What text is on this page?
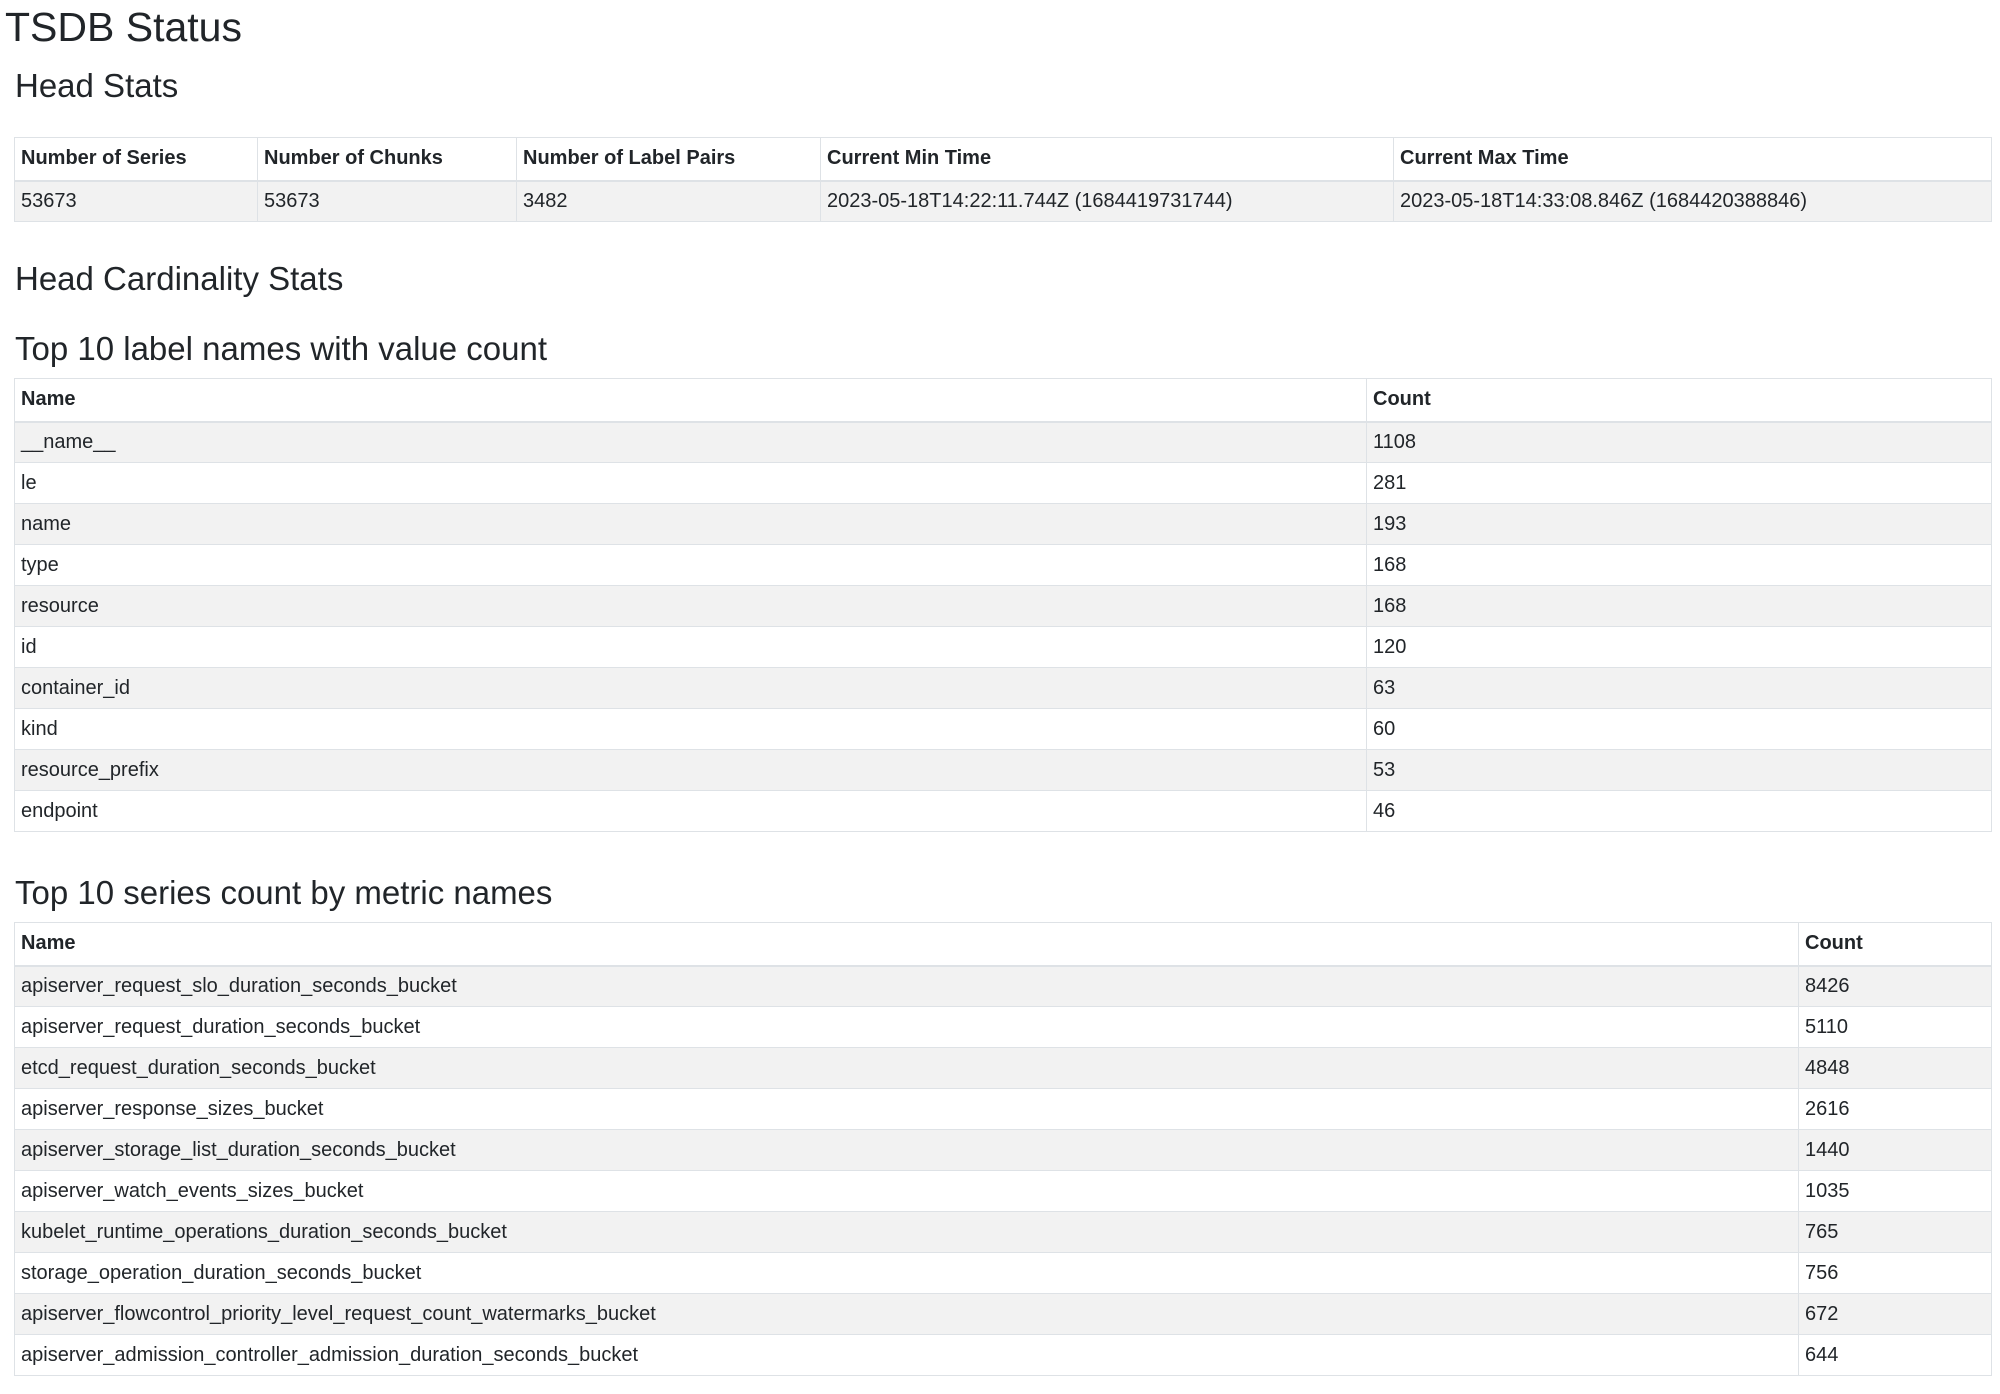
TSDB Status
Head Stats
Number of Series	Number of Chunks	Number of Label Pairs	Current Min Time	Current Max Time
53673	53673	3482	2023-05-18T14:22:11.744Z (1684419731744)	2023-05-18T14:33:08.846Z (1684420388846)
Head Cardinality Stats
Top 10 label names with value count
Name	Count
__name__	1108
le	281
name	193
type	168
resource	168
id	120
container_id	63
kind	60
resource_prefix	53
endpoint	46
Top 10 series count by metric names
Name	Count
apiserver_request_slo_duration_seconds_bucket	8426
apiserver_request_duration_seconds_bucket	5110
etcd_request_duration_seconds_bucket	4848
apiserver_response_sizes_bucket	2616
apiserver_storage_list_duration_seconds_bucket	1440
apiserver_watch_events_sizes_bucket	1035
kubelet_runtime_operations_duration_seconds_bucket	765
storage_operation_duration_seconds_bucket	756
apiserver_flowcontrol_priority_level_request_count_watermarks_bucket	672
apiserver_admission_controller_admission_duration_seconds_bucket	644
